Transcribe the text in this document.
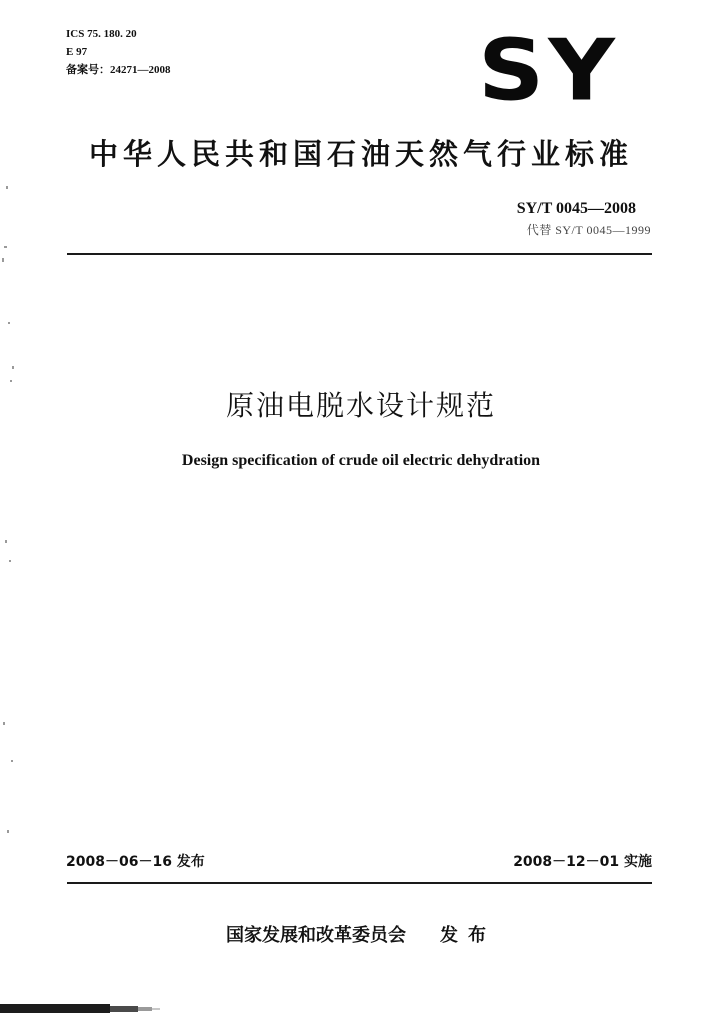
ICS 75. 180. 20
E 97
备案号：24271—2008	SY
中华人民共和国石油天然气行业标准
SY/T 0045—2008
代替 SY/T 0045—1999
原油电脱水设计规范
Design specification of crude oil electric dehydration
2008－06－16 发布	2008－12－01 实施
国家发展和改革委员会 发布
